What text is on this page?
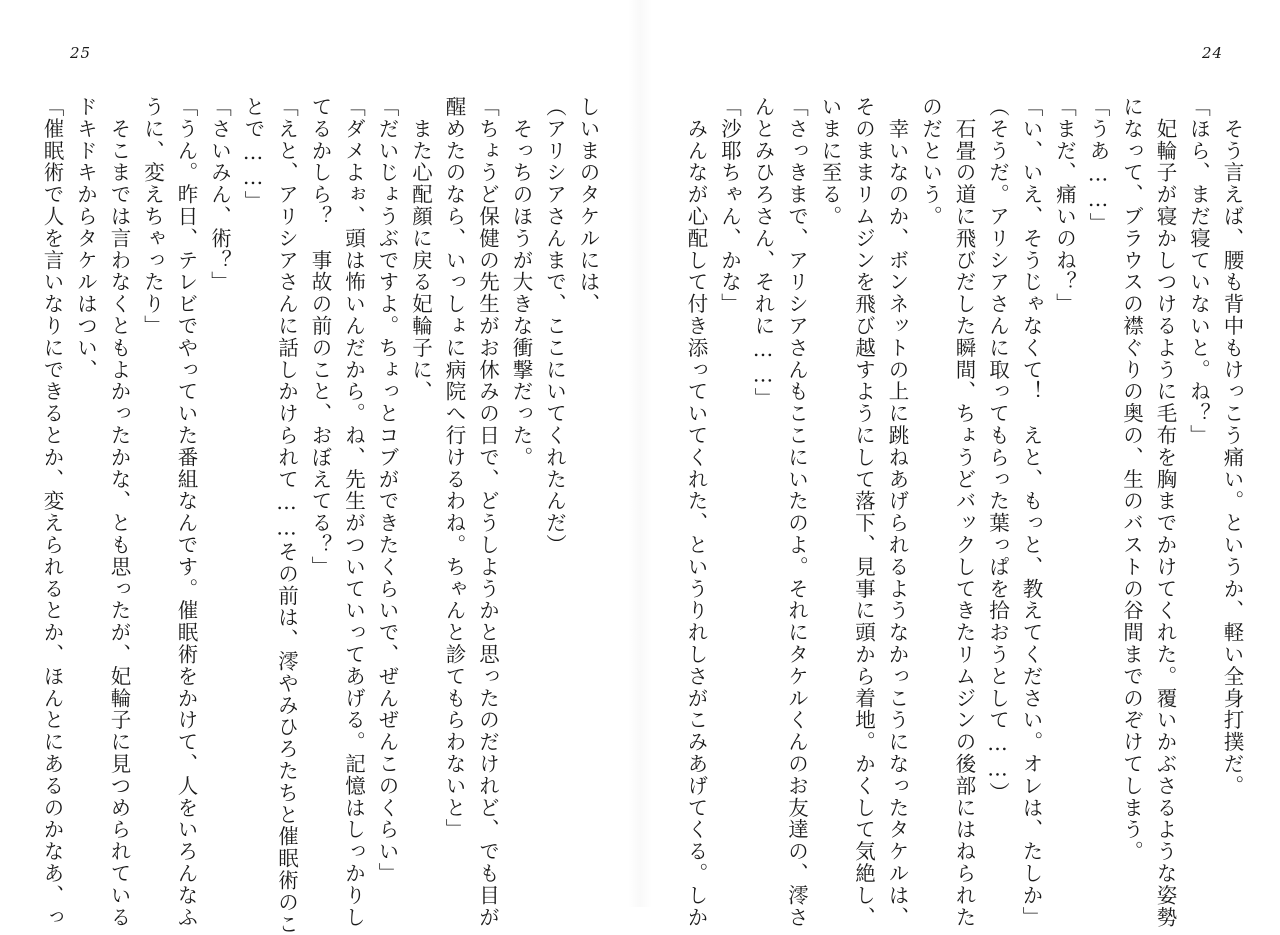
25
しいまのタケルには、
（アリシアさんまで、ここにいてくれたんだ）
　そっちのほうが大きな衝撃だった。
「ちょうど保健の先生がお休みの日で、どうしようかと思ったのだけれど、でも目が
醒めたのなら、いっしょに病院へ行けるわね。ちゃんと診てもらわないと」
　また心配顔に戻る妃輪子に、
「だいじょうぶですよ。ちょっとコブができたくらいで、ぜんぜんこのくらい」
「ダメよぉ、頭は怖いんだから。ね、先生がついていってあげる。記憶はしっかりし
てるかしら？　事故の前のこと、おぼえてる？」
「えと、アリシアさんに話しかけられて……その前は、澪やみひろたちと催眠術のこ
とで……」
「さいみん、術？」
「うん。昨日、テレビでやっていた番組なんです。催眠術をかけて、人をいろんなふ
うに、変えちゃったり」
　そこまでは言わなくともよかったかな、とも思ったが、妃輪子に見つめられている
ドキドキからタケルはつい、
「催眠術で人を言いなりにできるとか、変えられるとか、ほんとにあるのかなあ、っ
24
　そう言えば、腰も背中もけっこう痛い。というか、軽い全身打撲だ。
「ほら、まだ寝ていないと。ね？」
　妃輪子が寝かしつけるように毛布を胸までかけてくれた。覆いかぶさるような姿勢
になって、ブラウスの襟ぐりの奥の、生のバストの谷間までのぞけてしまう。
「うあ……」
「まだ、痛いのね？」
「い、いえ、そうじゃなくて！　えと、もっと、教えてください。オレは、たしか」
（そうだ。アリシアさんに取ってもらった葉っぱを拾おうとして……）
　石畳の道に飛びだした瞬間、ちょうどバックしてきたリムジンの後部にはねられた
のだという。
　幸いなのか、ボンネットの上に跳ねあげられるようなかっこうになったタケルは、
そのままリムジンを飛び越すようにして落下、見事に頭から着地。かくして気絶し、
いまに至る。
「さっきまで、アリシアさんもここにいたのよ。それにタケルくんのお友達の、澪さ
んとみひろさん、それに……」
「沙耶ちゃん、かな」
　みんなが心配して付き添っていてくれた、というりれしさがこみあげてくる。しか
